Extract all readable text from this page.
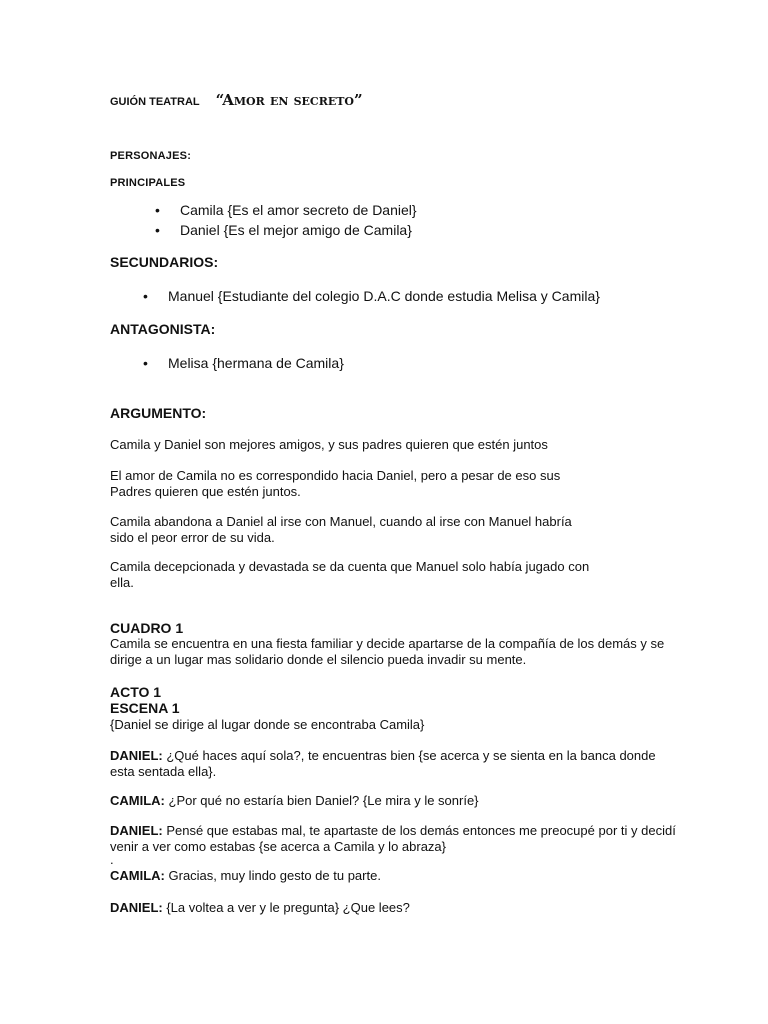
GUIÓN TEATRAL “Amor en secreto”
PERSONAJES:
PRINCIPALES
• Camila {Es el amor secreto de Daniel}
• Daniel {Es el mejor amigo de Camila}
SECUNDARIOS:
• Manuel {Estudiante del colegio D.A.C donde estudia Melisa y Camila}
ANTAGONISTA:
• Melisa {hermana de Camila}
ARGUMENTO:
Camila y Daniel son mejores amigos, y sus padres quieren que estén juntos
El amor de Camila no es correspondido hacia Daniel, pero a pesar de eso sus
Padres quieren que estén juntos.
Camila abandona a Daniel al irse con Manuel, cuando al irse con Manuel habría
sido el peor error de su vida.
Camila decepcionada y devastada se da cuenta que Manuel solo había jugado con
ella.
CUADRO 1
Camila se encuentra en una fiesta familiar y decide apartarse de la compañía de los demás y se
dirige a un lugar mas solidario donde el silencio pueda invadir su mente.
ACTO 1
ESCENA 1
{Daniel se dirige al lugar donde se encontraba Camila}
DANIEL: ¿Qué haces aquí sola?, te encuentras bien {se acerca y se sienta en la banca donde
esta sentada ella}.
CAMILA: ¿Por qué no estaría bien Daniel? {Le mira y le sonríe}
DANIEL: Pensé que estabas mal, te apartaste de los demás entonces me preocupé por ti y decidí
venir a ver como estabas {se acerca a Camila y lo abraza}
.
CAMILA: Gracias, muy lindo gesto de tu parte.
DANIEL: {La voltea a ver y le pregunta} ¿Que lees?
